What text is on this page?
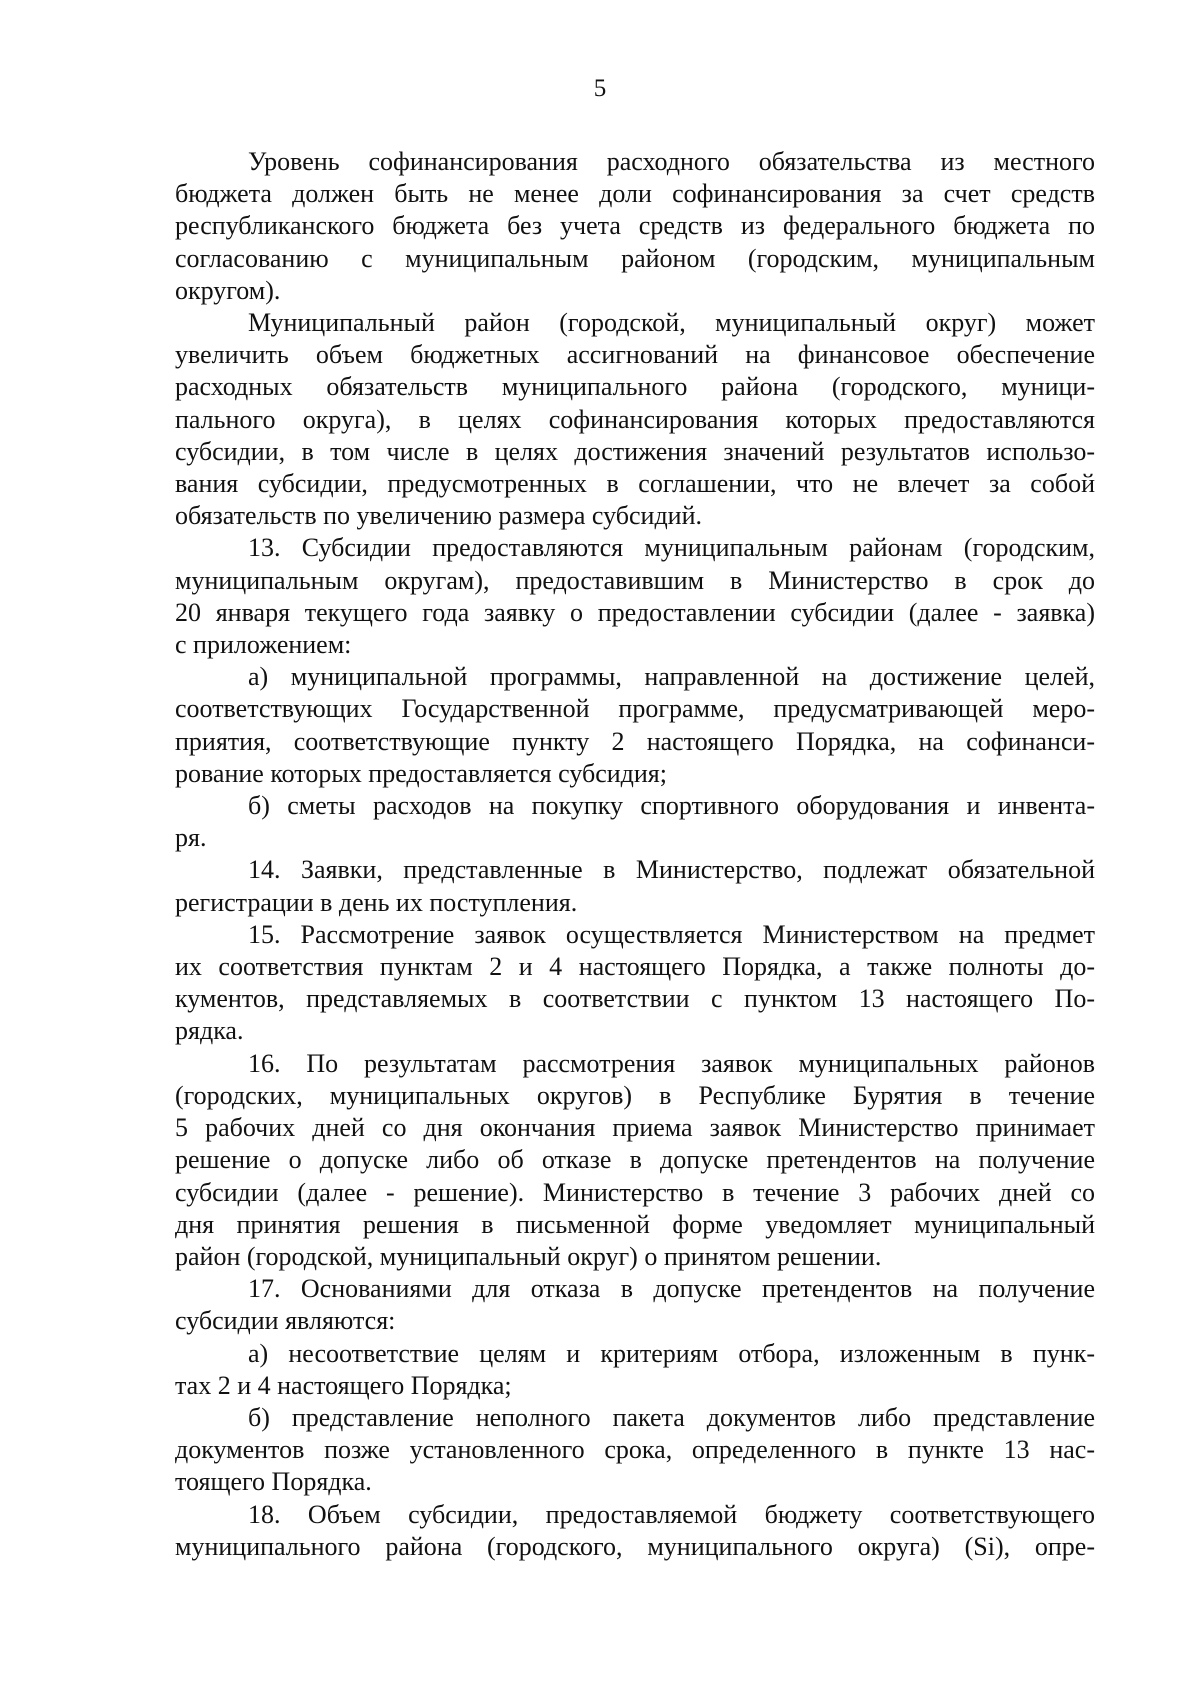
5

Уровень софинансирования расходного обязательства из местного
бюджета должен быть не менее доли софинансирования за счет средств
республиканского бюджета без учета средств из федерального бюджета по
согласованию с муниципальным районом (городским, муниципальным
округом).

Муниципальный район (городской, муниципальный округ) может
увеличить объем бюджетных ассигнований на финансовое обеспечение
расходных обязательств муниципального района (городского, муници-
пального округа), в целях софинансирования которых предоставляются
субсидии, в том числе в целях достижения значений результатов использо-
вания субсидии, предусмотренных в соглашении, что не влечет за собой
обязательств по увеличению размера субсидий.

13. Субсидии предоставляются муниципальным районам (городским,
муниципальным округам), предоставившим в Министерство в срок до
20 января текущего года заявку о предоставлении субсидии (далее - заявка)
с приложением:

а) муниципальной программы, направленной на достижение целей,
соответствующих Государственной программе, предусматривающей меро-
приятия, соответствующие пункту 2 настоящего Порядка, на софинанси-
рование которых предоставляется субсидия;

б) сметы расходов на покупку спортивного оборудования и инвента-
ря.

14. Заявки, представленные в Министерство, подлежат обязательной
регистрации в день их поступления.

15. Рассмотрение заявок осуществляется Министерством на предмет
их соответствия пунктам 2 и 4 настоящего Порядка, а также полноты до-
кументов, представляемых в соответствии с пунктом 13 настоящего По-
рядка.

16. По результатам рассмотрения заявок муниципальных районов
(городских, муниципальных округов) в Республике Бурятия в течение
5 рабочих дней со дня окончания приема заявок Министерство принимает
решение о допуске либо об отказе в допуске претендентов на получение
субсидии (далее - решение). Министерство в течение 3 рабочих дней со
дня принятия решения в письменной форме уведомляет муниципальный
район (городской, муниципальный округ) о принятом решении.

17. Основаниями для отказа в допуске претендентов на получение
субсидии являются:

а) несоответствие целям и критериям отбора, изложенным в пунк-
тах 2 и 4 настоящего Порядка;

б) представление неполного пакета документов либо представление
документов позже установленного срока, определенного в пункте 13 нас-
тоящего Порядка.

18. Объем субсидии, предоставляемой бюджету соответствующего
муниципального района (городского, муниципального округа) (Si), опре-
